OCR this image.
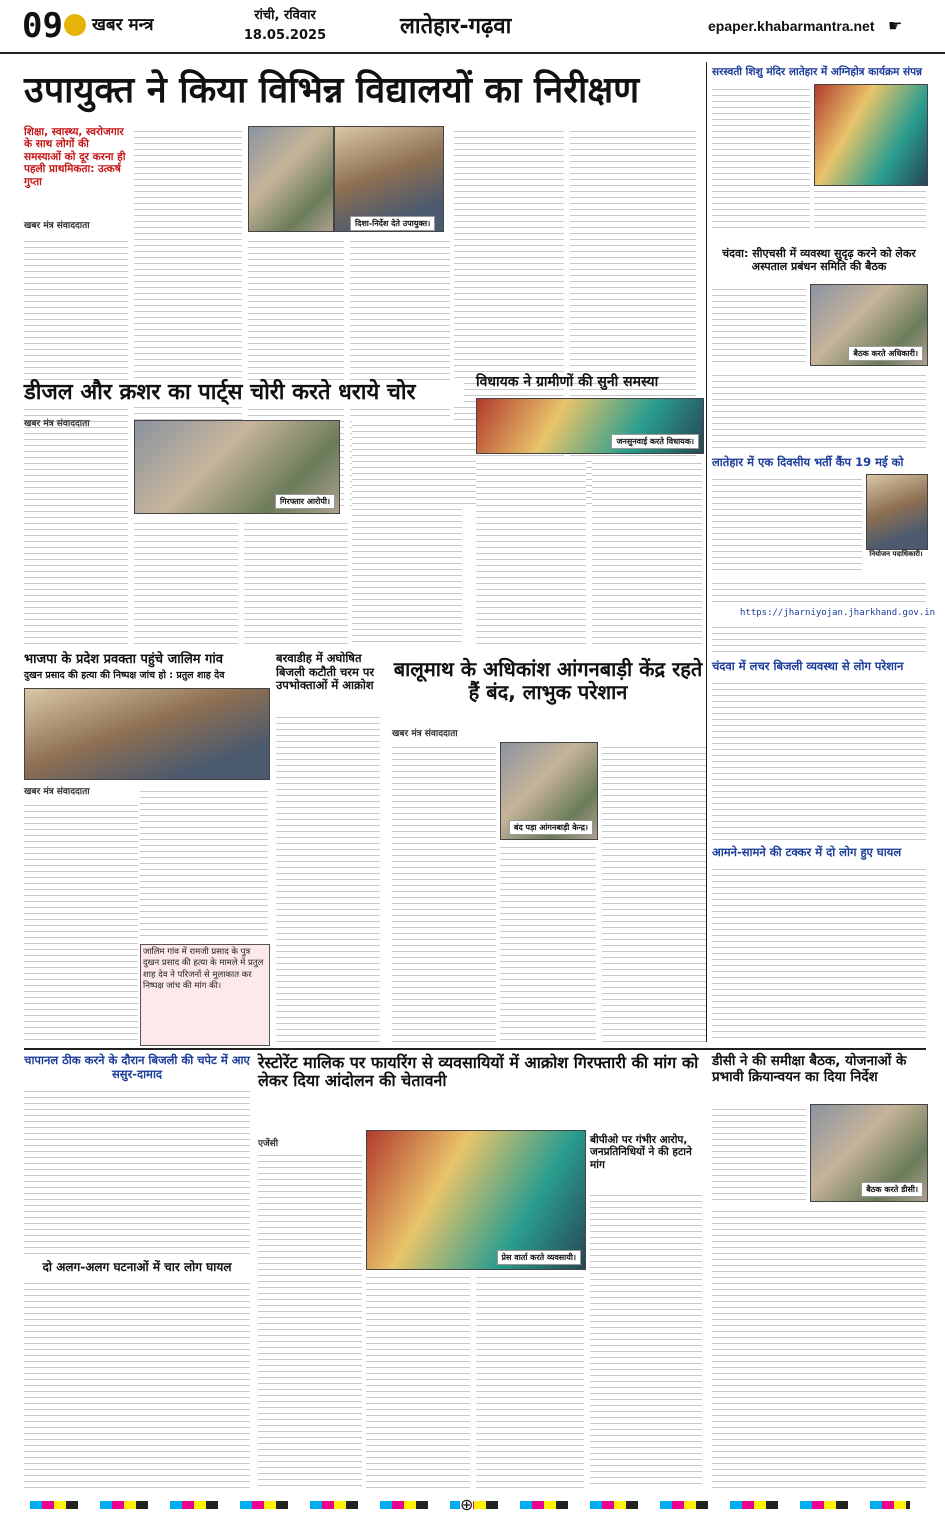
09 खबर मन्त्र	रांची, रविवार
18.05.2025	लातेहार-गढ़वा	epaper.khabarmantra.net ☛
उपायुक्त ने किया विभिन्न विद्यालयों का निरीक्षण
शिक्षा, स्वास्थ्य, स्वरोजगार के साथ लोगों की समस्याओं को दूर करना ही पहली प्राथमिकता: उत्कर्ष गुप्ता
खबर मंत्र संवाददाता	दिशा-निर्देश देते उपायुक्त।
डीजल और क्रशर का पार्ट्स चोरी करते धराये चोर
खबर मंत्र संवाददाता
गिरफ्तार आरोपी।
विधायक ने ग्रामीणों की सुनी समस्या
जनसुनवाई करते विधायक।
भाजपा के प्रदेश प्रवक्ता पहुंचे जालिम गांव
दुखन प्रसाद की हत्या की निष्पक्ष जांच हो : प्रतुल शाह देव
खबर मंत्र संवाददाता
जालिम गांव में रामजी प्रसाद के पुत्र दुखन प्रसाद की हत्या के मामले में प्रतुल शाह देव ने परिजनों से मुलाकात कर निष्पक्ष जांच की मांग की।
बरवाडीह में अघोषित बिजली कटौती चरम पर उपभोक्ताओं में आक्रोश
बालूमाथ के अधिकांश आंगनबाड़ी केंद्र रहते हैं बंद, लाभुक परेशान
खबर मंत्र संवाददाता
बंद पड़ा आंगनबाड़ी केन्द्र।
सरस्वती शिशु मंदिर लातेहार में अग्निहोत्र कार्यक्रम संपन्न
चंदवा: सीएचसी में व्यवस्था सुदृढ़ करने को लेकर अस्पताल प्रबंधन समिति की बैठक
बैठक करते अधिकारी।
लातेहार में एक दिवसीय भर्ती कैंप 19 मई को
नियोजन पदाधिकारी।
https://jharniyojan.jharkhand.gov.in
चंदवा में लचर बिजली व्यवस्था से लोग परेशान
आमने-सामने की टक्कर में दो लोग हुए घायल
चापानल ठीक करने के दौरान बिजली की चपेट में आए ससुर-दामाद
दो अलग-अलग घटनाओं में चार लोग घायल
रेस्टोरेंट मालिक पर फायरिंग से व्यवसायियों में आक्रोश गिरफ्तारी की मांग को लेकर दिया आंदोलन की चेतावनी
एजेंसी
प्रेस वार्ता करते व्यवसायी।
बीपीओ पर गंभीर आरोप, जनप्रतिनिधियों ने की हटाने मांग
डीसी ने की समीक्षा बैठक, योजनाओं के प्रभावी क्रियान्वयन का दिया निर्देश
बैठक करते डीसी।
⊕
